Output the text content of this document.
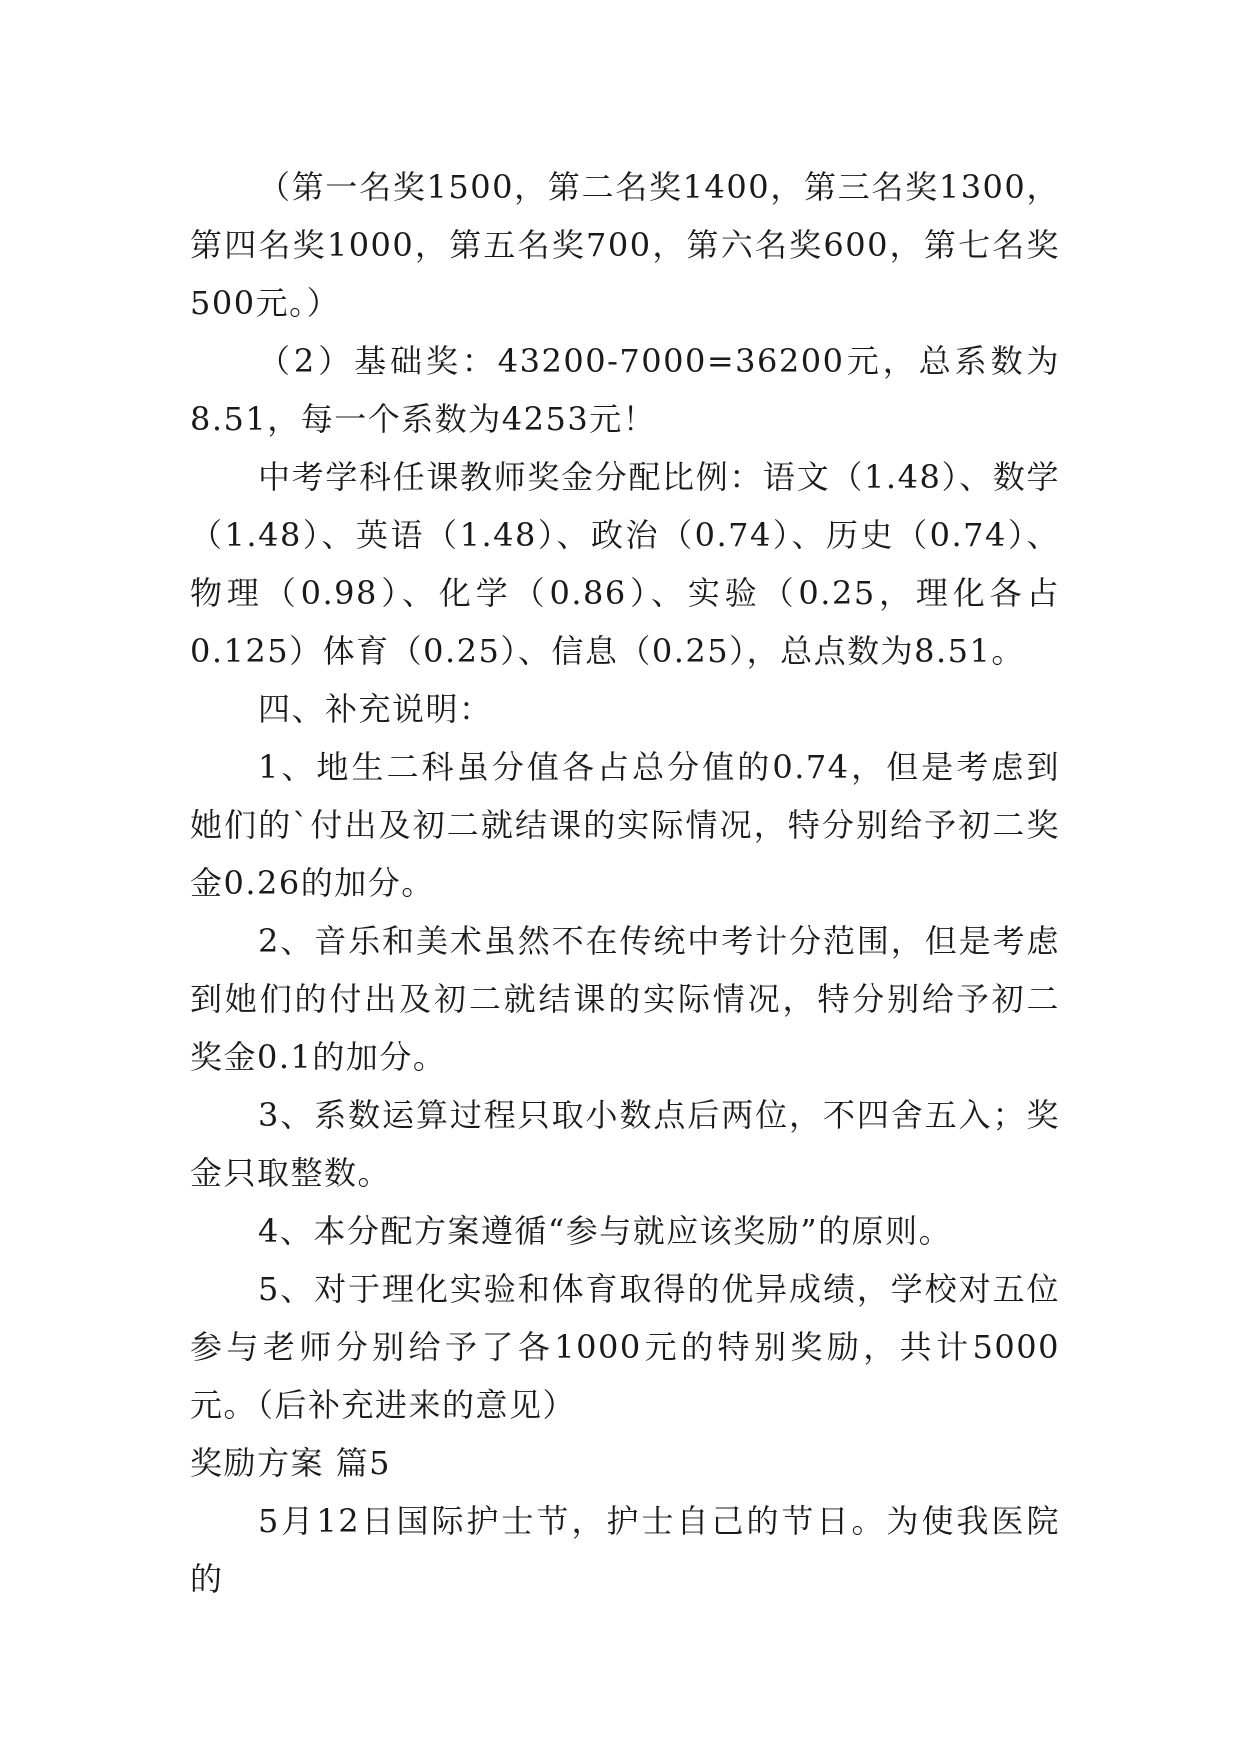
（第一名奖1500，第二名奖1400，第三名奖1300，第四名奖1000，第五名奖700，第六名奖600，第七名奖500元。）

（2）基础奖：43200-7000=36200元，总系数为8.51，每一个系数为4253元！

中考学科任课教师奖金分配比例：语文（1.48）、数学（1.48）、英语（1.48）、政治（0.74）、历史（0.74）、物理（0.98）、化学（0.86）、实验（0.25，理化各占0.125）体育（0.25）、信息（0.25），总点数为8.51。

四、补充说明：

1、地生二科虽分值各占总分值的0.74，但是考虑到她们的`付出及初二就结课的实际情况，特分别给予初二奖金0.26的加分。

2、音乐和美术虽然不在传统中考计分范围，但是考虑到她们的付出及初二就结课的实际情况，特分别给予初二奖金0.1的加分。

3、系数运算过程只取小数点后两位，不四舍五入；奖金只取整数。

4、本分配方案遵循“参与就应该奖励”的原则。

5、对于理化实验和体育取得的优异成绩，学校对五位参与老师分别给予了各1000元的特别奖励，共计5000元。（后补充进来的意见）

奖励方案 篇5

5月12日国际护士节，护士自己的节日。为使我医院的
